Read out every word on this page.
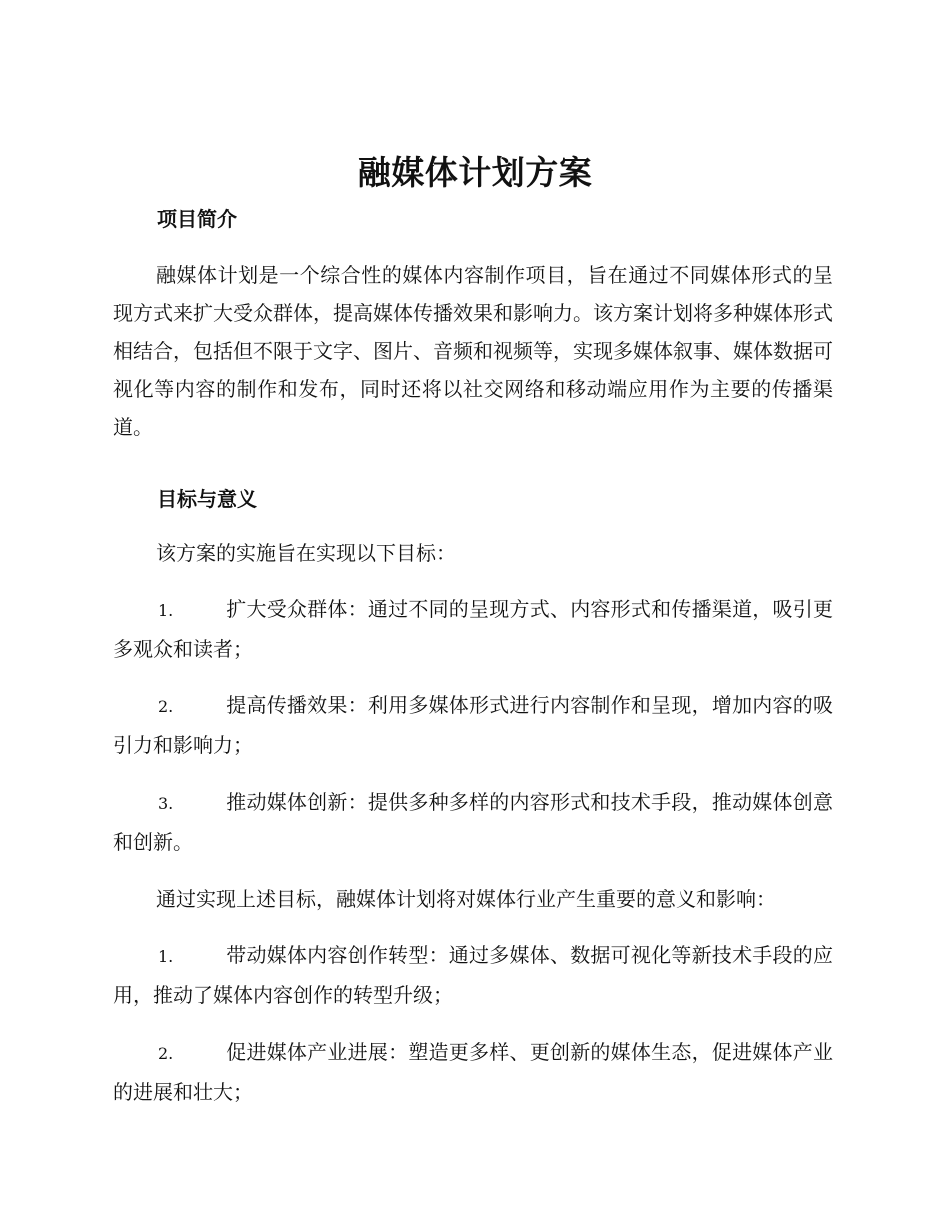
融媒体计划方案
项目简介

融媒体计划是一个综合性的媒体内容制作项目，旨在通过不同媒体形式的呈现方式来扩大受众群体，提高媒体传播效果和影响力。该方案计划将多种媒体形式相结合，包括但不限于文字、图片、音频和视频等，实现多媒体叙事、媒体数据可视化等内容的制作和发布，同时还将以社交网络和移动端应用作为主要的传播渠道。

目标与意义

该方案的实施旨在实现以下目标：

1.	扩大受众群体：通过不同的呈现方式、内容形式和传播渠道，吸引更多观众和读者；

2.	提高传播效果：利用多媒体形式进行内容制作和呈现，增加内容的吸引力和影响力；

3.	推动媒体创新：提供多种多样的内容形式和技术手段，推动媒体创意和创新。

通过实现上述目标，融媒体计划将对媒体行业产生重要的意义和影响：

1.	带动媒体内容创作转型：通过多媒体、数据可视化等新技术手段的应用，推动了媒体内容创作的转型升级；

2.	促进媒体产业进展：塑造更多样、更创新的媒体生态，促进媒体产业的进展和壮大；
